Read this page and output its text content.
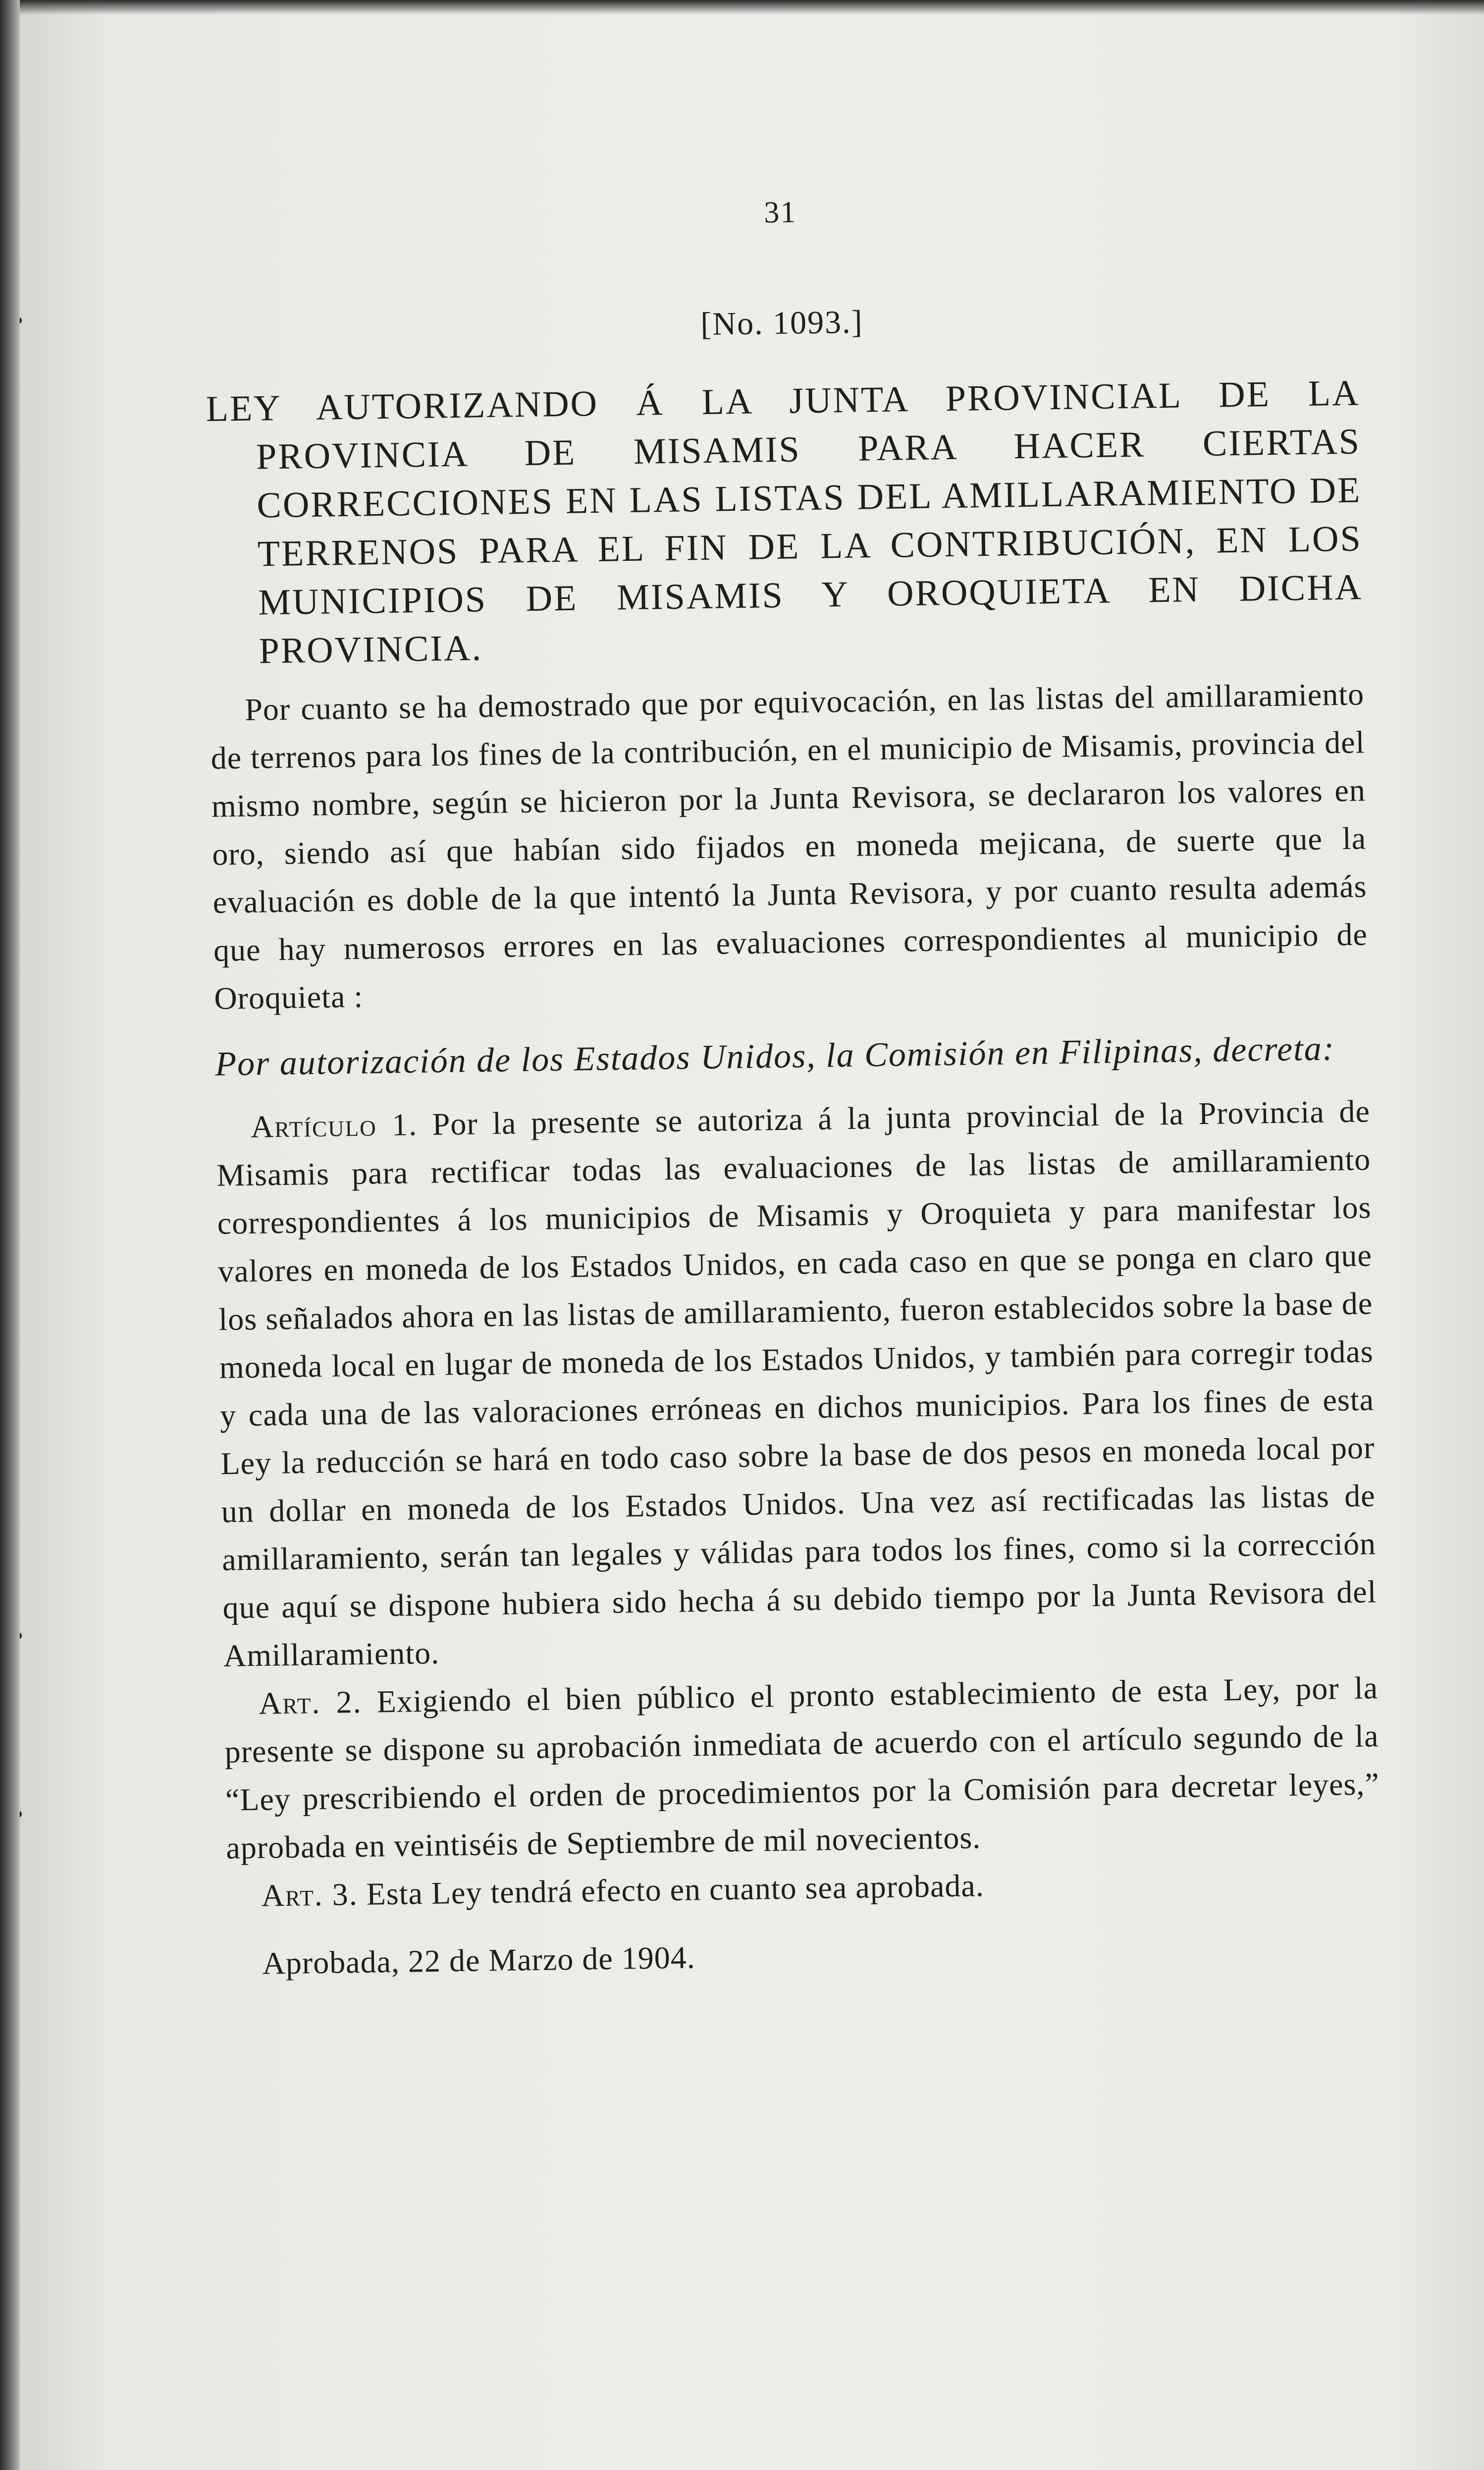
31
[No. 1093.]
LEY AUTORIZANDO Á LA JUNTA PROVINCIAL DE LA PROVINCIA DE MISAMIS PARA HACER CIERTAS CORRECCIONES EN LAS LISTAS DEL AMILLARAMIENTO DE TERRENOS PARA EL FIN DE LA CONTRIBUCIÓN, EN LOS MUNICIPIOS DE MISAMIS Y OROQUIETA EN DICHA PROVINCIA.

Por cuanto se ha demostrado que por equivocación, en las listas del amillaramiento de terrenos para los fines de la contribución, en el municipio de Misamis, provincia del mismo nombre, según se hicieron por la Junta Revisora, se declararon los valores en oro, siendo así que habían sido fijados en moneda mejicana, de suerte que la evaluación es doble de la que intentó la Junta Revisora, y por cuanto resulta además que hay numerosos errores en las evaluaciones correspondientes al municipio de Oroquieta :

Por autorización de los Estados Unidos, la Comisión en Filipinas, decreta:

Artículo 1. Por la presente se autoriza á la junta provincial de la Provincia de Misamis para rectificar todas las evaluaciones de las listas de amillaramiento correspondientes á los municipios de Misamis y Oroquieta y para manifestar los valores en moneda de los Estados Unidos, en cada caso en que se ponga en claro que los señalados ahora en las listas de amillaramiento, fueron establecidos sobre la base de moneda local en lugar de moneda de los Estados Unidos, y también para corregir todas y cada una de las valoraciones erróneas en dichos municipios. Para los fines de esta Ley la reducción se hará en todo caso sobre la base de dos pesos en moneda local por un dollar en moneda de los Estados Unidos. Una vez así rectificadas las listas de amillaramiento, serán tan legales y válidas para todos los fines, como si la corrección que aquí se dispone hubiera sido hecha á su debido tiempo por la Junta Revisora del Amillaramiento.

Art. 2. Exigiendo el bien público el pronto establecimiento de esta Ley, por la presente se dispone su aprobación inmediata de acuerdo con el artículo segundo de la “Ley prescribiendo el orden de procedimientos por la Comisión para decretar leyes,” aprobada en veintiséis de Septiembre de mil novecientos.

Art. 3. Esta Ley tendrá efecto en cuanto sea aprobada.

Aprobada, 22 de Marzo de 1904.
